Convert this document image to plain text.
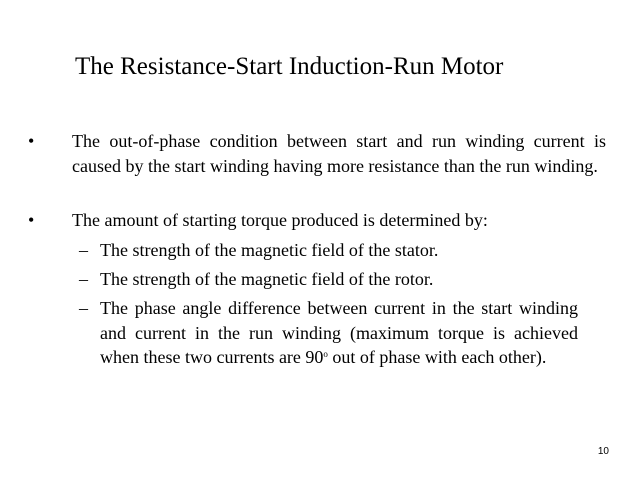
The Resistance-Start Induction-Run Motor
• The out-of-phase condition between start and run winding current is caused by the start winding having more resistance than the run winding.
• The amount of starting torque produced is determined by:
– The strength of the magnetic field of the stator.
– The strength of the magnetic field of the rotor.
– The phase angle difference between current in the start winding and current in the run winding (maximum torque is achieved when these two currents are 90$^o$ out of phase with each other).
10
